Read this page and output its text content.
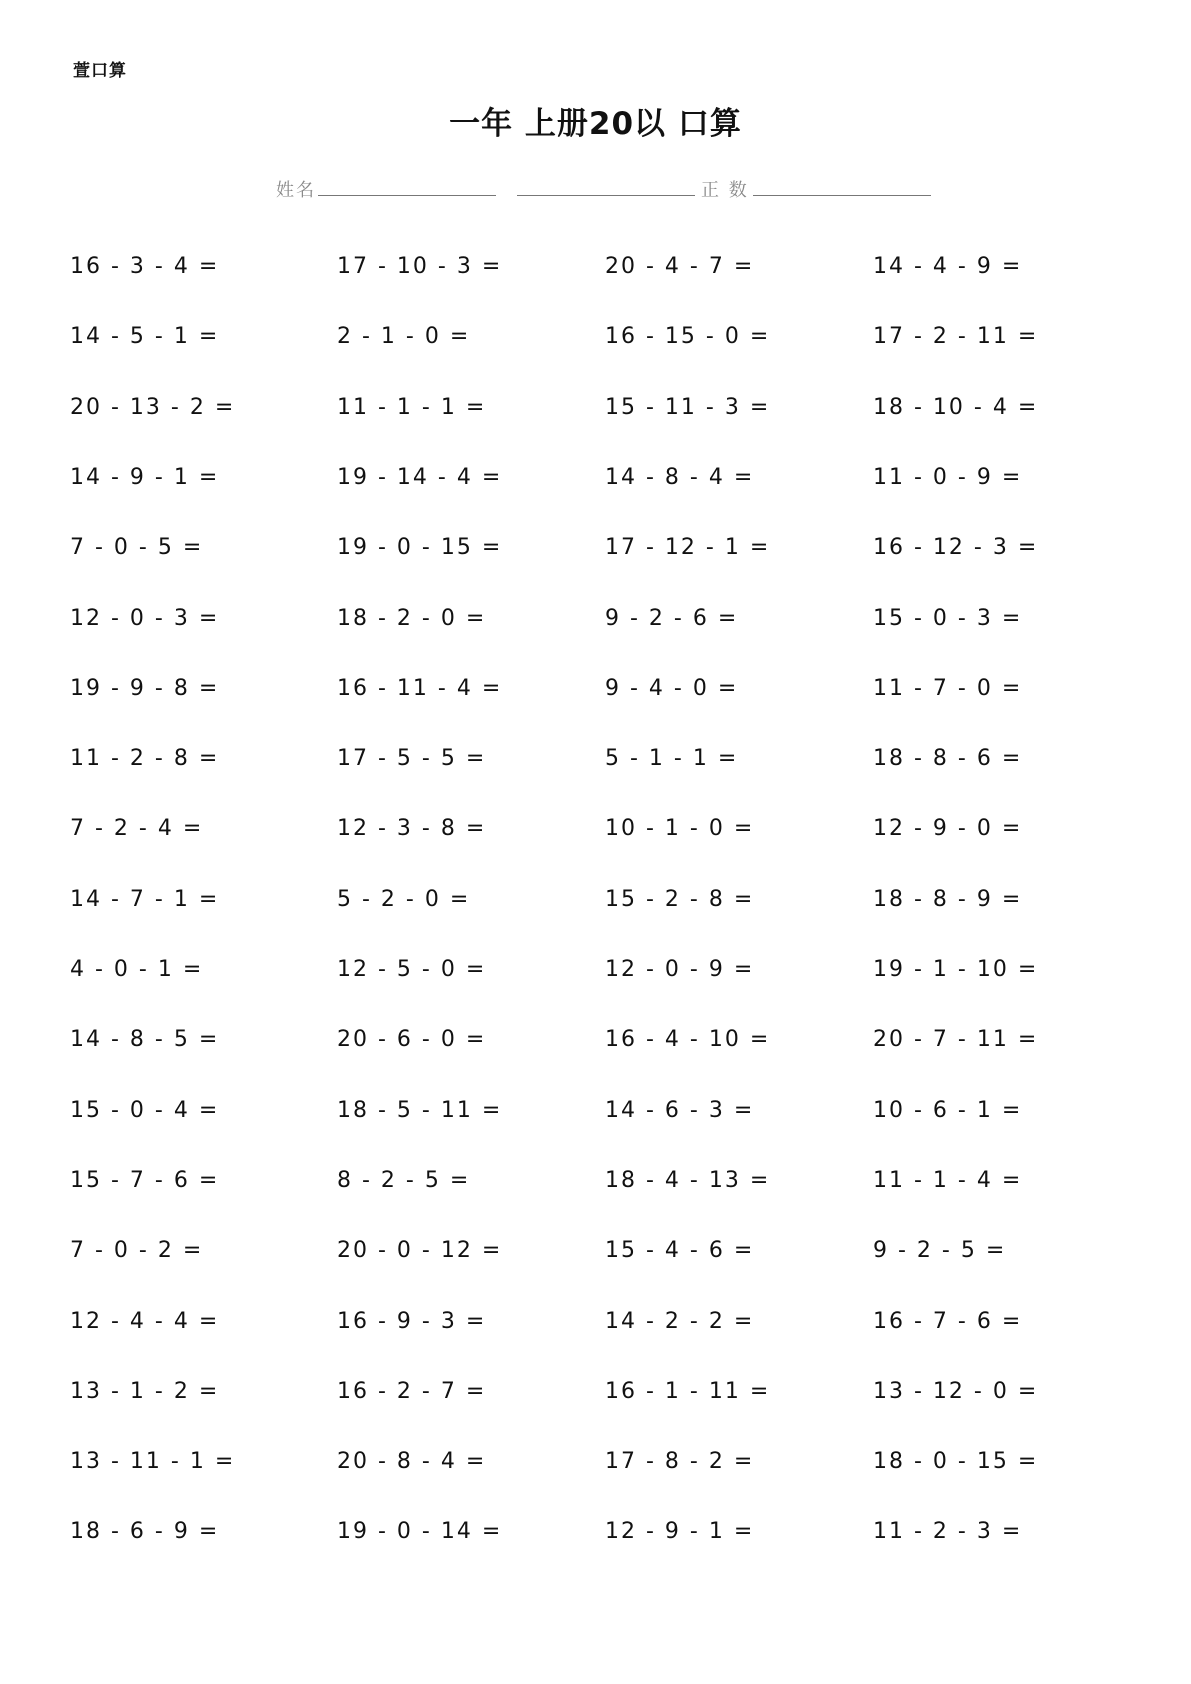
萱口算
一年 上册20以 口算
姓名	正 数
16 - 3 - 4 =	17 - 10 - 3 =	20 - 4 - 7 =	14 - 4 - 9 =
14 - 5 - 1 =	2 - 1 - 0 =	16 - 15 - 0 =	17 - 2 - 11 =
20 - 13 - 2 =	11 - 1 - 1 =	15 - 11 - 3 =	18 - 10 - 4 =
14 - 9 - 1 =	19 - 14 - 4 =	14 - 8 - 4 =	11 - 0 - 9 =
7 - 0 - 5 =	19 - 0 - 15 =	17 - 12 - 1 =	16 - 12 - 3 =
12 - 0 - 3 =	18 - 2 - 0 =	9 - 2 - 6 =	15 - 0 - 3 =
19 - 9 - 8 =	16 - 11 - 4 =	9 - 4 - 0 =	11 - 7 - 0 =
11 - 2 - 8 =	17 - 5 - 5 =	5 - 1 - 1 =	18 - 8 - 6 =
7 - 2 - 4 =	12 - 3 - 8 =	10 - 1 - 0 =	12 - 9 - 0 =
14 - 7 - 1 =	5 - 2 - 0 =	15 - 2 - 8 =	18 - 8 - 9 =
4 - 0 - 1 =	12 - 5 - 0 =	12 - 0 - 9 =	19 - 1 - 10 =
14 - 8 - 5 =	20 - 6 - 0 =	16 - 4 - 10 =	20 - 7 - 11 =
15 - 0 - 4 =	18 - 5 - 11 =	14 - 6 - 3 =	10 - 6 - 1 =
15 - 7 - 6 =	8 - 2 - 5 =	18 - 4 - 13 =	11 - 1 - 4 =
7 - 0 - 2 =	20 - 0 - 12 =	15 - 4 - 6 =	9 - 2 - 5 =
12 - 4 - 4 =	16 - 9 - 3 =	14 - 2 - 2 =	16 - 7 - 6 =
13 - 1 - 2 =	16 - 2 - 7 =	16 - 1 - 11 =	13 - 12 - 0 =
13 - 11 - 1 =	20 - 8 - 4 =	17 - 8 - 2 =	18 - 0 - 15 =
18 - 6 - 9 =	19 - 0 - 14 =	12 - 9 - 1 =	11 - 2 - 3 =
